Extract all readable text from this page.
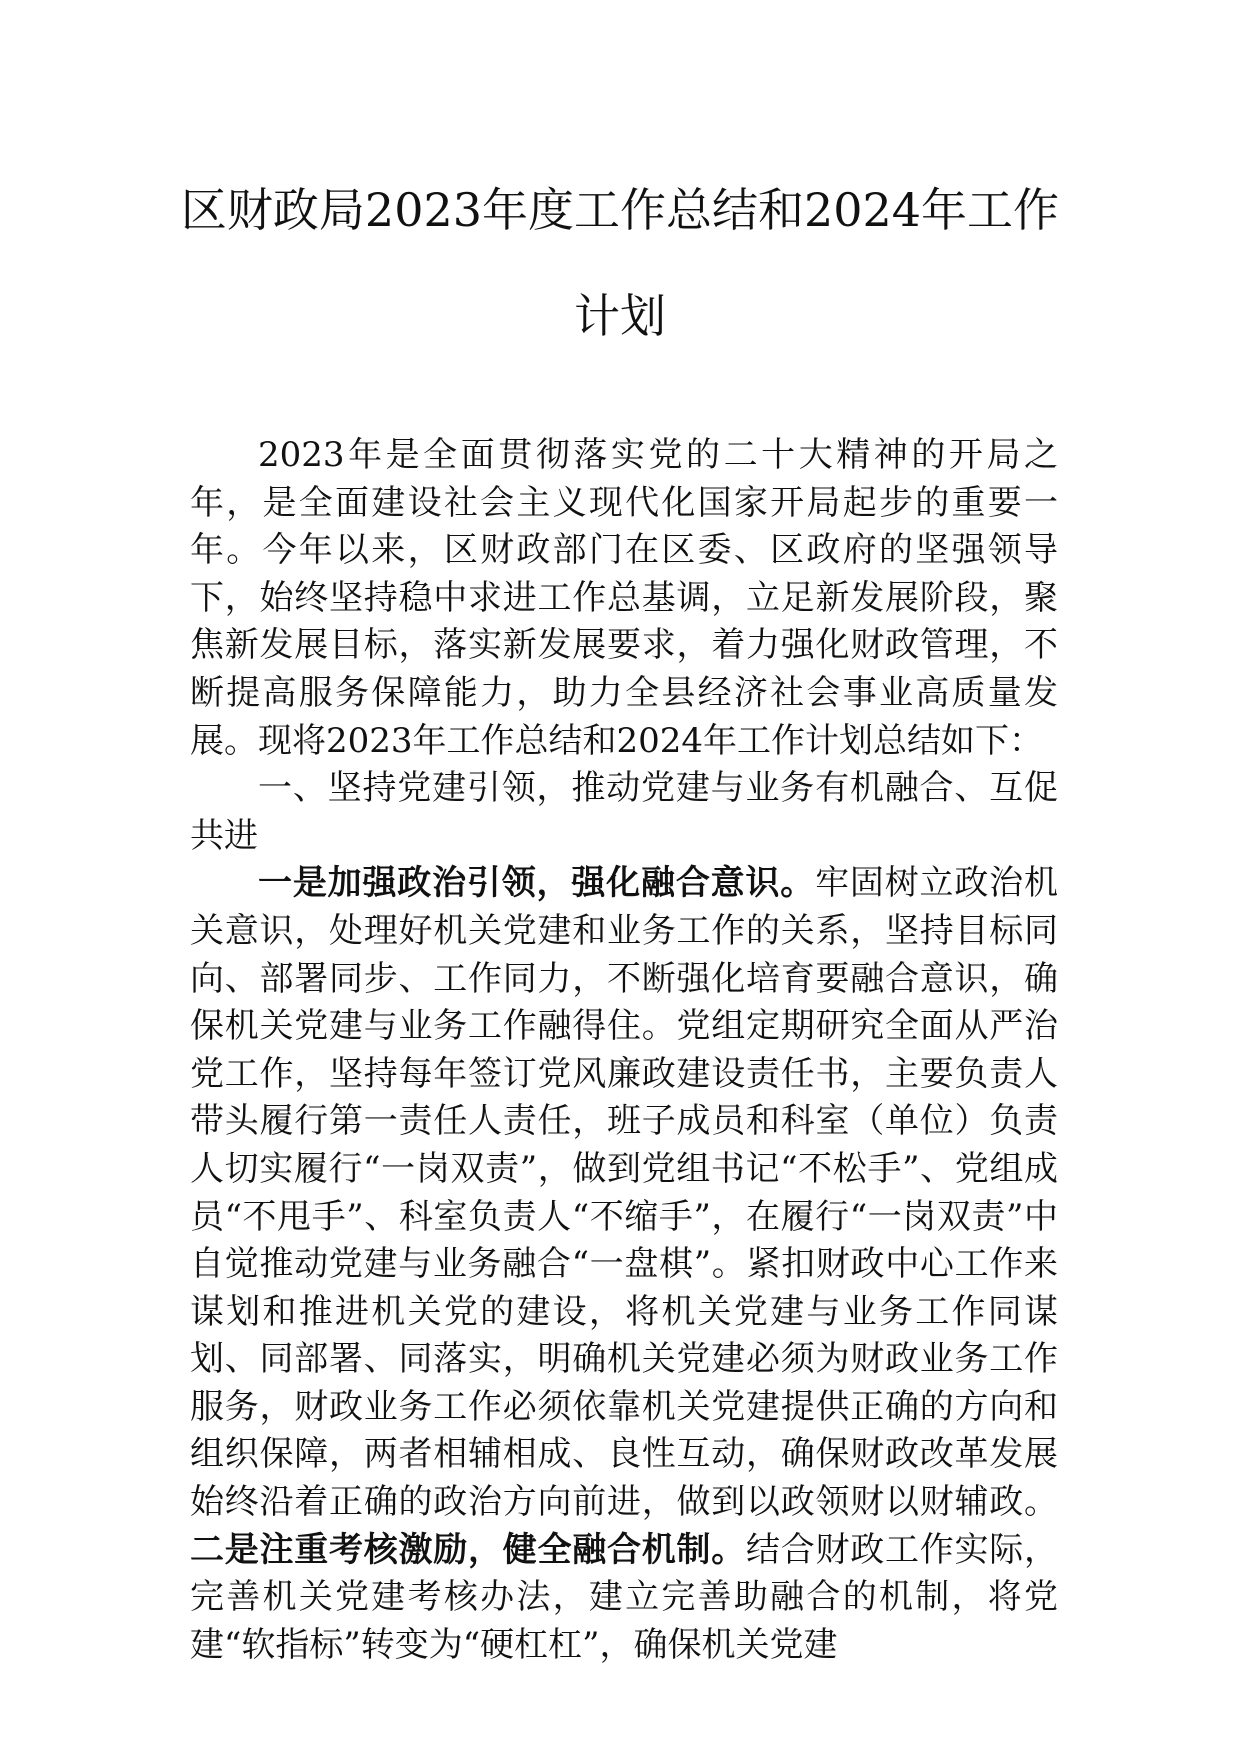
区财政局2023年度工作总结和2024年工作

计划

2023年是全面贯彻落实党的二十大精神的开局之年，是全面建设社会主义现代化国家开局起步的重要一年。今年以来，区财政部门在区委、区政府的坚强领导下，始终坚持稳中求进工作总基调，立足新发展阶段，聚焦新发展目标，落实新发展要求，着力强化财政管理，不断提高服务保障能力，助力全县经济社会事业高质量发展。现将2023年工作总结和2024年工作计划总结如下：

一、坚持党建引领，推动党建与业务有机融合、互促共进

一是加强政治引领，强化融合意识。牢固树立政治机关意识，处理好机关党建和业务工作的关系，坚持目标同向、部署同步、工作同力，不断强化培育要融合意识，确保机关党建与业务工作融得住。党组定期研究全面从严治党工作，坚持每年签订党风廉政建设责任书，主要负责人带头履行第一责任人责任，班子成员和科室（单位）负责人切实履行“一岗双责”，做到党组书记“不松手”、党组成员“不甩手”、科室负责人“不缩手”，在履行“一岗双责”中自觉推动党建与业务融合“一盘棋”。紧扣财政中心工作来谋划和推进机关党的建设，将机关党建与业务工作同谋划、同部署、同落实，明确机关党建必须为财政业务工作服务，财政业务工作必须依靠机关党建提供正确的方向和组织保障，两者相辅相成、良性互动，确保财政改革发展始终沿着正确的政治方向前进，做到以政领财以财辅政。二是注重考核激励，健全融合机制。结合财政工作实际，完善机关党建考核办法，建立完善助融合的机制，将党建“软指标”转变为“硬杠杠”，确保机关党建
